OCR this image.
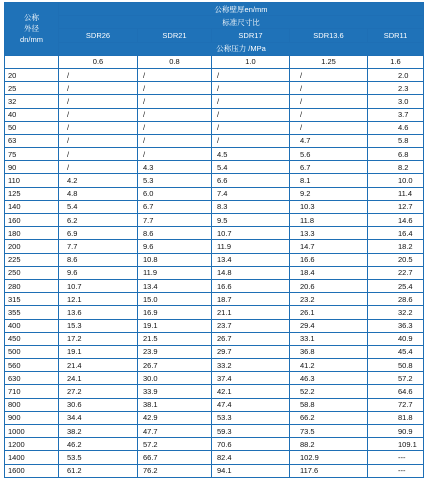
公称
外径
dn/mm	公称壁厚en/mm				
	标准尺寸比				
	SDR26	SDR21	SDR17	SDR13.6	SDR11
	公称压力 /MPa				
	0.6	0.8	1.0	1.25	1.6
20	/	/	/	/	2.0
25	/	/	/	/	2.3
32	/	/	/	/	3.0
40	/	/	/	/	3.7
50	/	/	/	/	4.6
63	/	/	/	4.7	5.8
75	/	/	4.5	5.6	6.8
90	/	4.3	5.4	6.7	8.2
110	4.2	5.3	6.6	8.1	10.0
125	4.8	6.0	7.4	9.2	11.4
140	5.4	6.7	8.3	10.3	12.7
160	6.2	7.7	9.5	11.8	14.6
180	6.9	8.6	10.7	13.3	16.4
200	7.7	9.6	11.9	14.7	18.2
225	8.6	10.8	13.4	16.6	20.5
250	9.6	11.9	14.8	18.4	22.7
280	10.7	13.4	16.6	20.6	25.4
315	12.1	15.0	18.7	23.2	28.6
355	13.6	16.9	21.1	26.1	32.2
400	15.3	19.1	23.7	29.4	36.3
450	17.2	21.5	26.7	33.1	40.9
500	19.1	23.9	29.7	36.8	45.4
560	21.4	26.7	33.2	41.2	50.8
630	24.1	30.0	37.4	46.3	57.2
710	27.2	33.9	42.1	52.2	64.6
800	30.6	38.1	47.4	58.8	72.7
900	34.4	42.9	53.3	66.2	81.8
1000	38.2	47.7	59.3	73.5	90.9
1200	46.2	57.2	70.6	88.2	109.1
1400	53.5	66.7	82.4	102.9	---
1600	61.2	76.2	94.1	117.6	---
